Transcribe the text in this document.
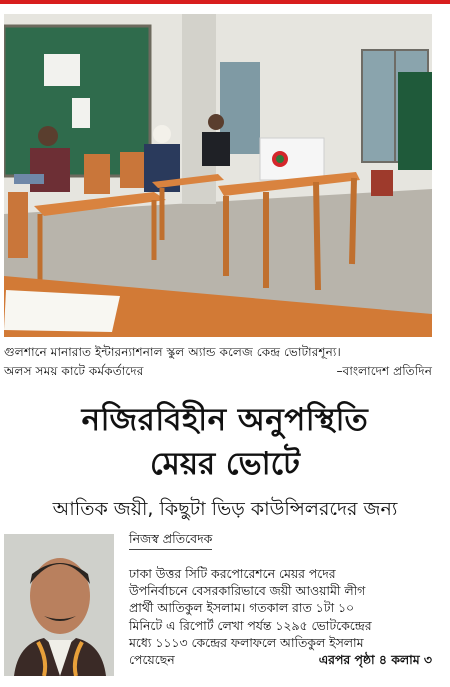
গুলশানে মানারাত ইন্টারন্যাশনাল স্কুল অ্যান্ড কলেজ কেন্দ্র ভোটারশূন্য।
অলস সময় কাটে কর্মকর্তাদের	–বাংলাদেশ প্রতিদিন
নজিরবিহীন অনুপস্থিতি
মেয়র ভোটে
আতিক জয়ী, কিছুটা ভিড় কাউন্সিলরদের জন্য
নিজস্ব প্রতিবেদক
ঢাকা উত্তর সিটি করপোরেশনে মেয়র পদের
উপনির্বাচনে বেসরকারিভাবে জয়ী আওয়ামী লীগ
প্রার্থী আতিকুল ইসলাম। গতকাল রাত ১টা ১০
মিনিটে এ রিপোর্ট লেখা পর্যন্ত ১২৯৫ ভোটকেন্দ্রের
মধ্যে ১১১৩ কেন্দ্রের ফলাফলে আতিকুল ইসলাম
পেয়েছেন	এরপর পৃষ্ঠা ৪ কলাম ৩
